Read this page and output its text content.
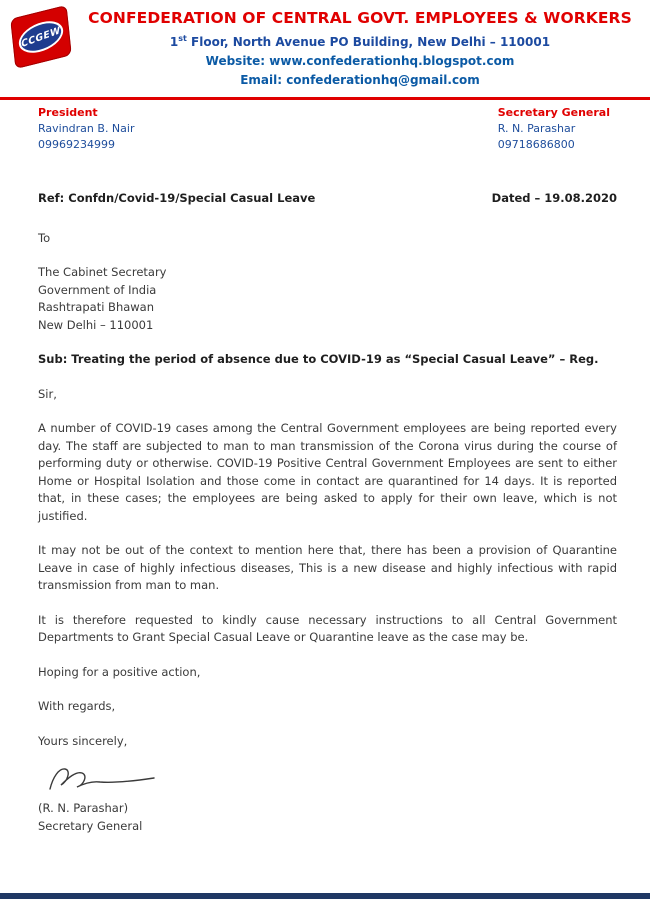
CCGEW
CONFEDERATION OF CENTRAL GOVT. EMPLOYEES & WORKERS
1st Floor, North Avenue PO Building, New Delhi – 110001
Website: www.confederationhq.blogspot.com
Email: confederationhq@gmail.com
President
Ravindran B. Nair
09969234999
Secretary General
R. N. Parashar
09718686800
Ref: Confdn/Covid-19/Special Casual Leave	Dated – 19.08.2020
To
The Cabinet Secretary
Government of India
Rashtrapati Bhawan
New Delhi – 110001
Sub: Treating the period of absence due to COVID-19 as “Special Casual Leave” – Reg.
Sir,
A number of COVID-19 cases among the Central Government employees are being reported every day. The staff are subjected to man to man transmission of the Corona virus during the course of performing duty or otherwise. COVID-19 Positive Central Government Employees are sent to either Home or Hospital Isolation and those come in contact are quarantined for 14 days. It is reported that, in these cases; the employees are being asked to apply for their own leave, which is not justified.
It may not be out of the context to mention here that, there has been a provision of Quarantine Leave in case of highly infectious diseases, This is a new disease and highly infectious with rapid transmission from man to man.
It is therefore requested to kindly cause necessary instructions to all Central Government Departments to Grant Special Casual Leave or Quarantine leave as the case may be.
Hoping for a positive action,
With regards,
Yours sincerely,
(R. N. Parashar)
Secretary General
